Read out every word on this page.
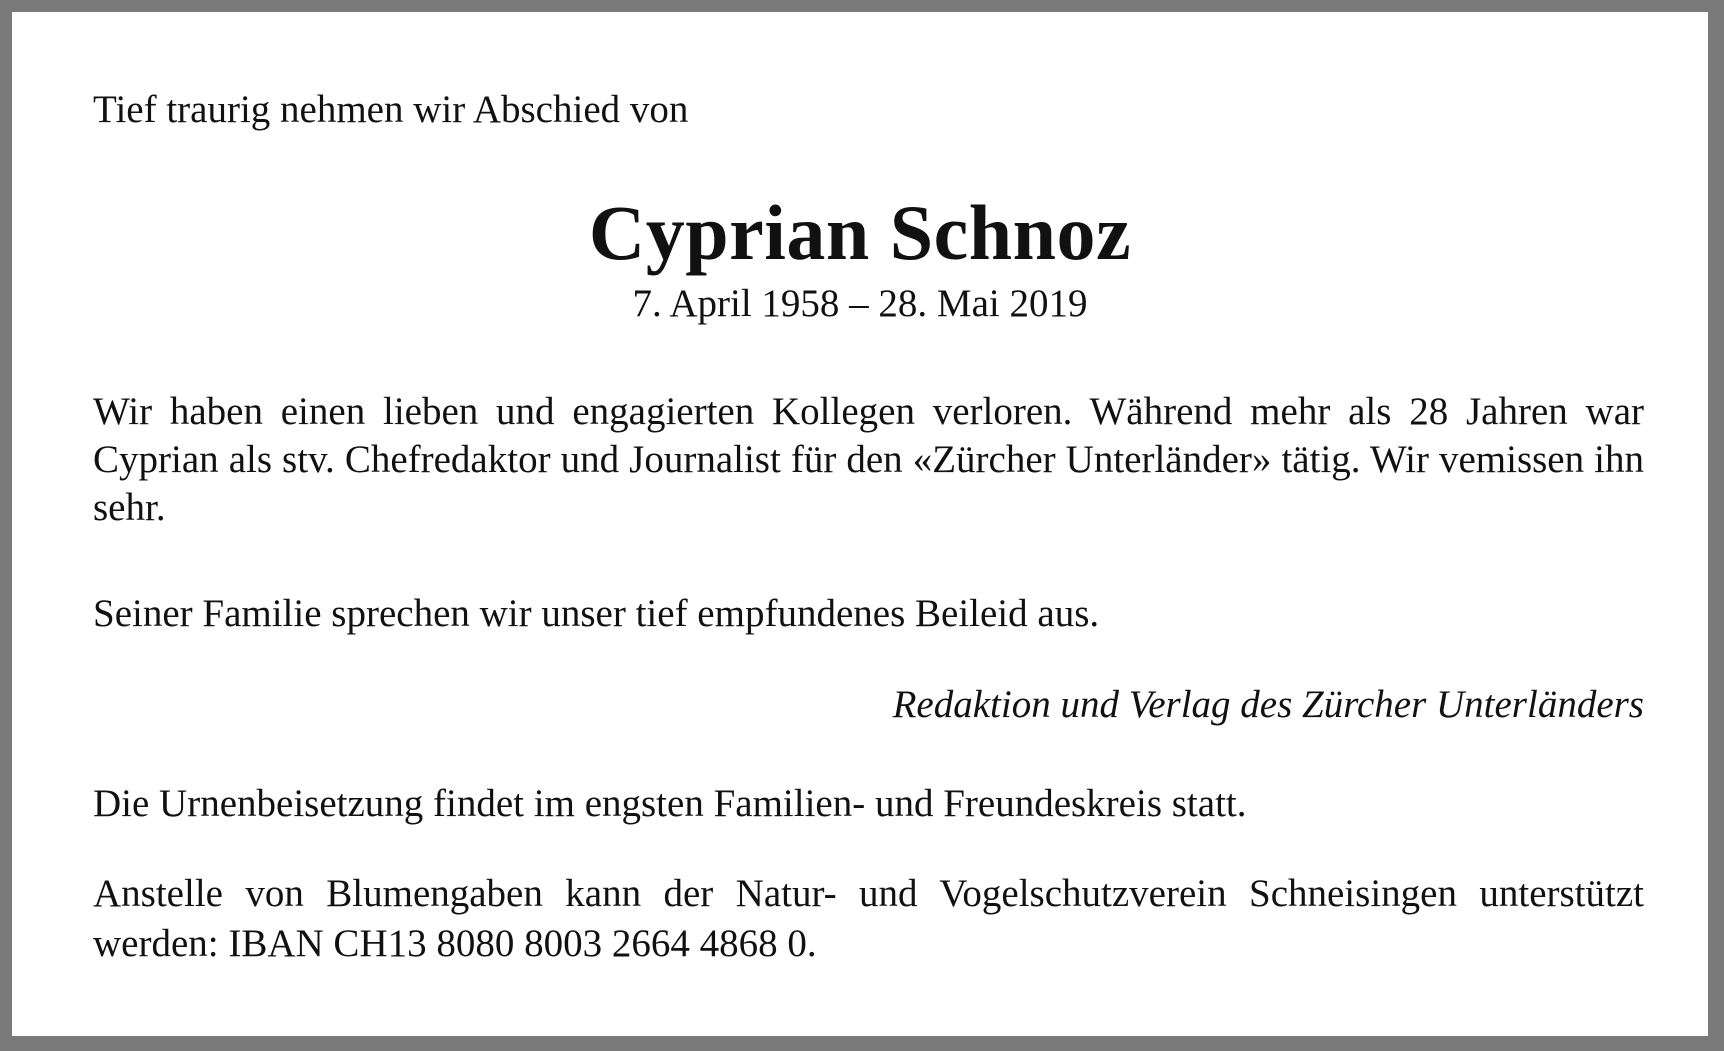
Tief traurig nehmen wir Abschied von

Cyprian Schnoz

7. April 1958 – 28. Mai 2019

Wir haben einen lieben und engagierten Kollegen verloren. Während mehr als 28 Jahren war Cyprian als stv. Chefredaktor und Journalist für den «Zürcher Unterländer» tätig. Wir vemissen ihn sehr.

Seiner Familie sprechen wir unser tief empfundenes Beileid aus.

Redaktion und Verlag des Zürcher Unterländers

Die Urnenbeisetzung findet im engsten Familien- und Freundeskreis statt.

Anstelle von Blumengaben kann der Natur- und Vogelschutzverein Schneisingen unterstützt werden: IBAN CH13 8080 8003 2664 4868 0.
